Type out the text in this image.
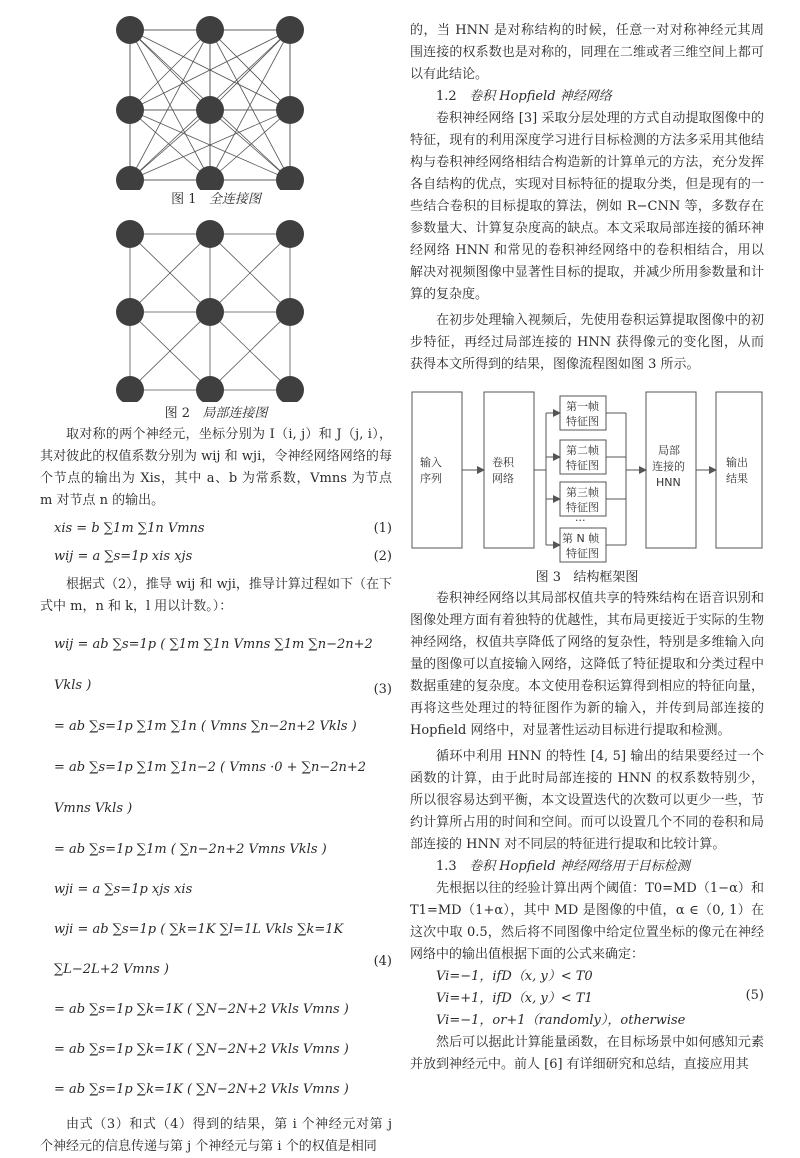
图 1 全连接图

图 2 局部连接图

取对称的两个神经元，坐标分别为 I（i, j）和 J（j, i），其对彼此的权值系数分别为 wij 和 wji，令神经网络网络的每个节点的输出为 Xis，其中 a、b 为常系数，Vmns 为节点 m 对节点 n 的输出。

xis = b ∑1m ∑1n Vmns	(1)
wij = a ∑s=1p xis xjs	(2)

根据式（2），推导 wij 和 wji，推导计算过程如下（在下式中 m，n 和 k，l 用以计数。）：

wij = ab ∑s=1p ( ∑1m ∑1n Vmns ∑1m ∑n−2n+2 Vkls )
= ab ∑s=1p ∑1m ∑1n ( Vmns ∑n−2n+2 Vkls )
= ab ∑s=1p ∑1m ∑1n−2 ( Vmns ·0 + ∑n−2n+2 Vmns Vkls )
= ab ∑s=1p ∑1m ( ∑n−2n+2 Vmns Vkls )
(3)
wji = a ∑s=1p xjs xis
wji = ab ∑s=1p ( ∑k=1K ∑l=1L Vkls ∑k=1K ∑L−2L+2 Vmns )
= ab ∑s=1p ∑k=1K ( ∑N−2N+2 Vkls Vmns )
= ab ∑s=1p ∑k=1K ( ∑N−2N+2 Vkls Vmns )
= ab ∑s=1p ∑k=1K ( ∑N−2N+2 Vkls Vmns )
(4)

由式（3）和式（4）得到的结果，第 i 个神经元对第 j 个神经元的信息传递与第 j 个神经元与第 i 个的权值是相同

的，当 HNN 是对称结构的时候，任意一对对称神经元其周围连接的权系数也是对称的，同理在二维或者三维空间上都可以有此结论。

1.2 卷积 Hopfield 神经网络

卷积神经网络 [3] 采取分层处理的方式自动提取图像中的特征，现有的利用深度学习进行目标检测的方法多采用其他结构与卷积神经网络相结合构造新的计算单元的方法，充分发挥各自结构的优点，实现对目标特征的提取分类，但是现有的一些结合卷积的目标提取的算法，例如 R−CNN 等，多数存在参数量大、计算复杂度高的缺点。本文采取局部连接的循环神经网络 HNN 和常见的卷积神经网络中的卷积相结合，用以解决对视频图像中显著性目标的提取，并减少所用参数量和计算的复杂度。

在初步处理输入视频后，先使用卷积运算提取图像中的初步特征，再经过局部连接的 HNN 获得像元的变化图，从而获得本文所得到的结果，图像流程图如图 3 所示。

输入
序列
卷积
网络
第一帧
特征图
第二帧
特征图
第三帧
特征图
···
第 N 帧
特征图
局部
连接的
HNN
输出
结果

图 3 结构框架图

卷积神经网络以其局部权值共享的特殊结构在语音识别和图像处理方面有着独特的优越性，其布局更接近于实际的生物神经网络，权值共享降低了网络的复杂性，特别是多维输入向量的图像可以直接输入网络，这降低了特征提取和分类过程中数据重建的复杂度。本文使用卷积运算得到相应的特征向量，再将这些处理过的特征图作为新的输入，并传到局部连接的 Hopfield 网络中，对显著性运动目标进行提取和检测。

循环中利用 HNN 的特性 [4, 5] 输出的结果要经过一个函数的计算，由于此时局部连接的 HNN 的权系数特别少，所以很容易达到平衡，本文设置迭代的次数可以更少一些，节约计算所占用的时间和空间。而可以设置几个不同的卷积和局部连接的 HNN 对不同层的特征进行提取和比较计算。

1.3 卷积 Hopfield 神经网络用于目标检测

先根据以往的经验计算出两个阈值：T0=MD（1−α）和 T1=MD（1+α），其中 MD 是图像的中值，α ∈（0, 1）在这次中取 0.5，然后将不同图像中给定位置坐标的像元在神经网络中的输出值根据下面的公式来确定：

Vi=−1，ifD（x, y）< T0
Vi=+1，ifD（x, y）< T1
Vi=−1，or+1（randomly），otherwise
(5)

然后可以据此计算能量函数，在目标场景中如何感知元素并放到神经元中。前人 [6] 有详细研究和总结，直接应用其
